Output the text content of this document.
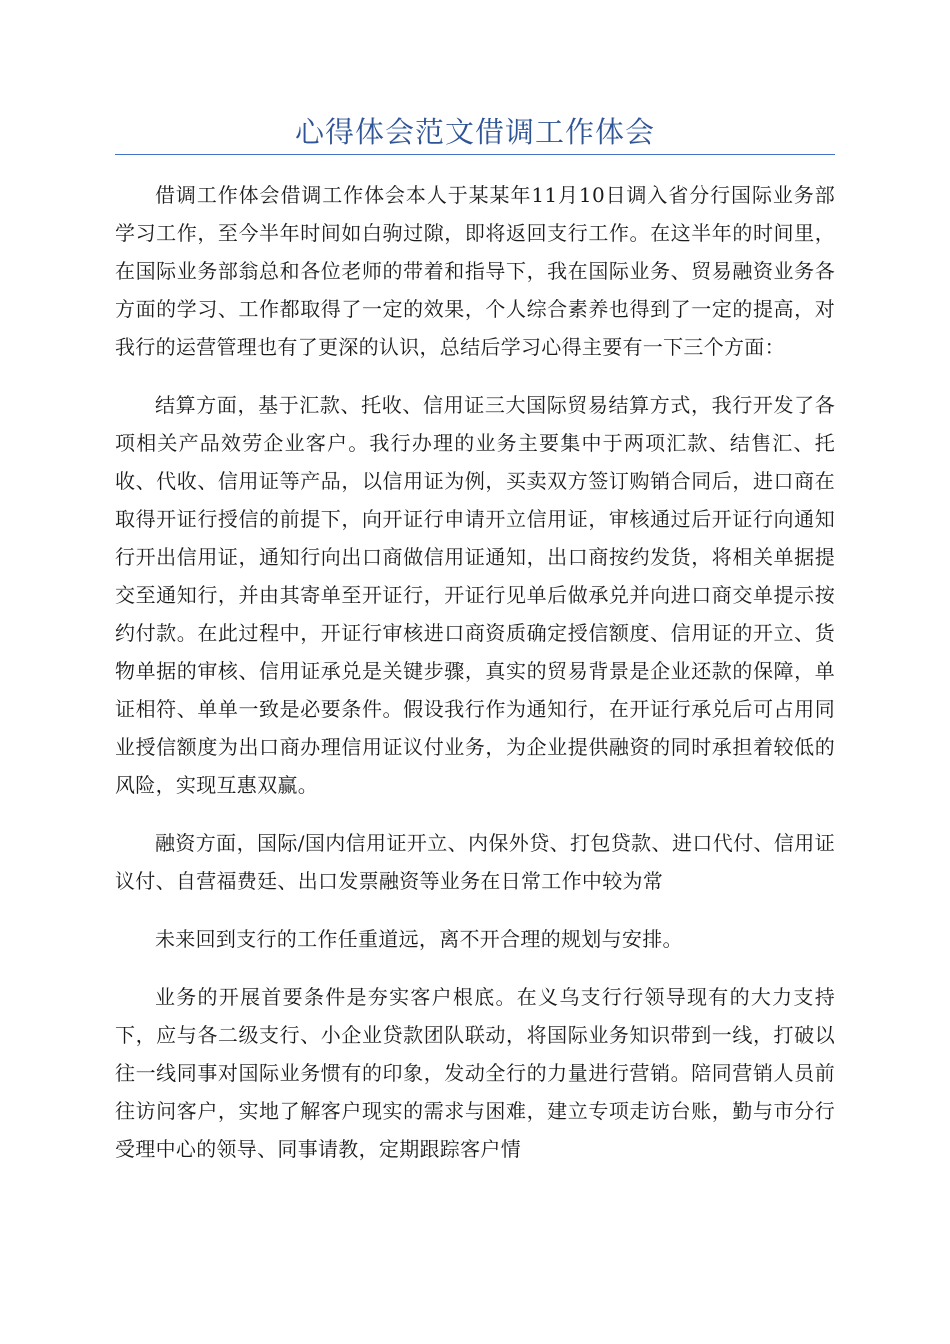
心得体会范文借调工作体会

借调工作体会借调工作体会本人于某某年11月10日调入省分行国际业务部学习工作，至今半年时间如白驹过隙，即将返回支行工作。在这半年的时间里，在国际业务部翁总和各位老师的带着和指导下，我在国际业务、贸易融资业务各方面的学习、工作都取得了一定的效果，个人综合素养也得到了一定的提高，对我行的运营管理也有了更深的认识，总结后学习心得主要有一下三个方面：

结算方面，基于汇款、托收、信用证三大国际贸易结算方式，我行开发了各项相关产品效劳企业客户。我行办理的业务主要集中于两项汇款、结售汇、托收、代收、信用证等产品，以信用证为例，买卖双方签订购销合同后，进口商在取得开证行授信的前提下，向开证行申请开立信用证，审核通过后开证行向通知行开出信用证，通知行向出口商做信用证通知，出口商按约发货，将相关单据提交至通知行，并由其寄单至开证行，开证行见单后做承兑并向进口商交单提示按约付款。在此过程中，开证行审核进口商资质确定授信额度、信用证的开立、货物单据的审核、信用证承兑是关键步骤，真实的贸易背景是企业还款的保障，单证相符、单单一致是必要条件。假设我行作为通知行，在开证行承兑后可占用同业授信额度为出口商办理信用证议付业务，为企业提供融资的同时承担着较低的风险，实现互惠双赢。

融资方面，国际/国内信用证开立、内保外贷、打包贷款、进口代付、信用证议付、自营福费廷、出口发票融资等业务在日常工作中较为常

未来回到支行的工作任重道远，离不开合理的规划与安排。

业务的开展首要条件是夯实客户根底。在义乌支行行领导现有的大力支持下，应与各二级支行、小企业贷款团队联动，将国际业务知识带到一线，打破以往一线同事对国际业务惯有的印象，发动全行的力量进行营销。陪同营销人员前往访问客户，实地了解客户现实的需求与困难，建立专项走访台账，勤与市分行受理中心的领导、同事请教，定期跟踪客户情
